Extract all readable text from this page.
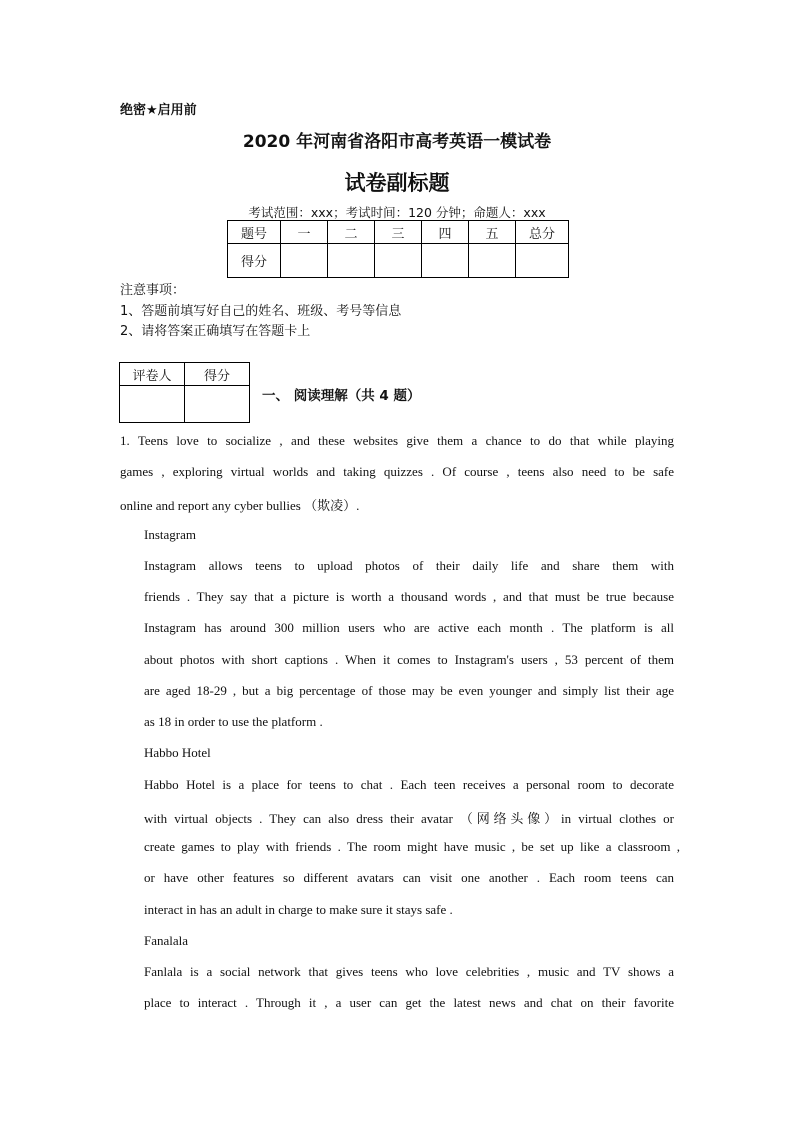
绝密★启用前
2020 年河南省洛阳市高考英语一模试卷
试卷副标题
考试范围：xxx；考试时间：120 分钟；命题人：xxx
题号	一	二	三	四	五	总分
得分						
注意事项：
1、答题前填写好自己的姓名、班级、考号等信息
2、请将答案正确填写在答题卡上
评卷人	得分

一、 阅读理解（共 4 题）
1. Teens love to socialize , and these websites give them a chance to do that while playing
games , exploring virtual worlds and taking quizzes . Of course , teens also need to be safe
online and report any cyber bullies （欺凌）.
Instagram
Instagram allows teens to upload photos of their daily life and share them with
friends . They say that a picture is worth a thousand words , and that must be true because
Instagram has around 300 million users who are active each month . The platform is all
about photos with short captions . When it comes to Instagram's users , 53 percent of them
are aged 18-29 , but a big percentage of those may be even younger and simply list their age
as 18 in order to use the platform .
Habbo Hotel
Habbo Hotel is a place for teens to chat . Each teen receives a personal room to decorate
with virtual objects . They can also dress their avatar （网络头像）in virtual clothes or
create games to play with friends . The room might have music , be set up like a classroom ,
or have other features so different avatars can visit one another . Each room teens can
interact in has an adult in charge to make sure it stays safe .
Fanalala
Fanlala is a social network that gives teens who love celebrities , music and TV shows a
place to interact . Through it , a user can get the latest news and chat on their favorite
